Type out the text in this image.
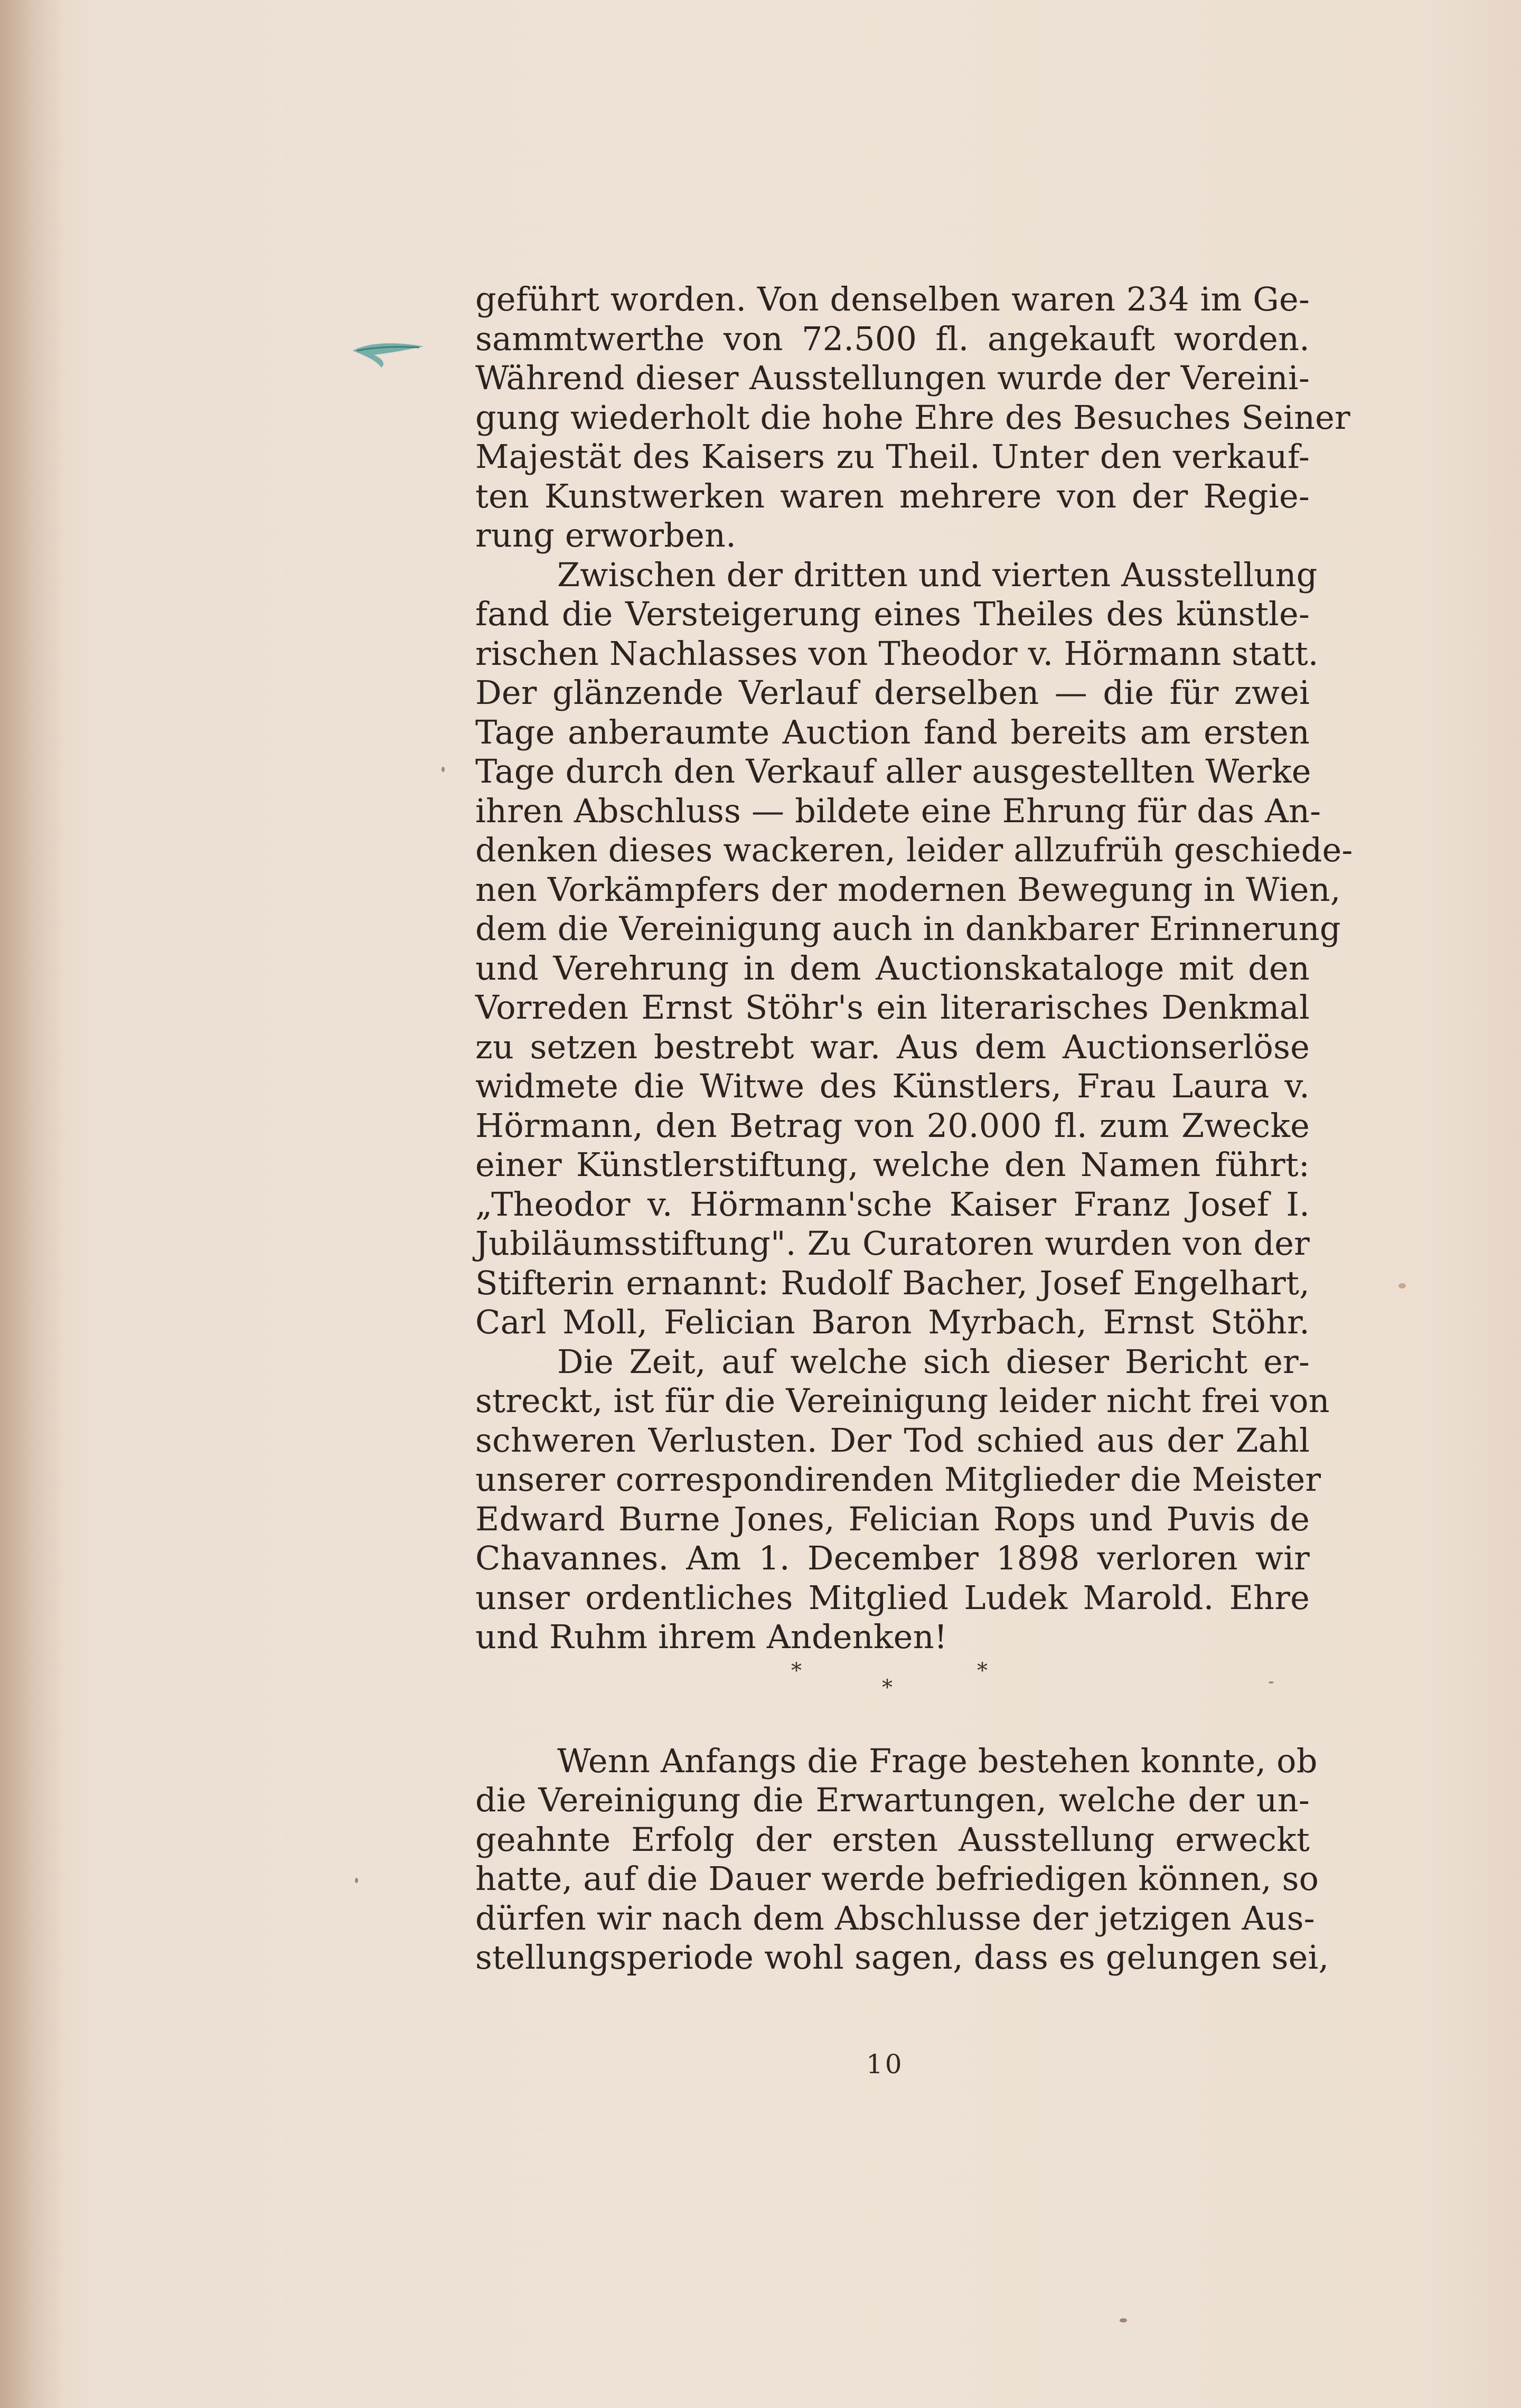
geführt worden. Von denselben waren 234 im Ge-
sammtwerthe von 72.500 fl. angekauft worden.
Während dieser Ausstellungen wurde der Vereini-
gung wiederholt die hohe Ehre des Besuches Seiner
Majestät des Kaisers zu Theil. Unter den verkauf-
ten Kunstwerken waren mehrere von der Regie-
rung erworben.
Zwischen der dritten und vierten Ausstellung
fand die Versteigerung eines Theiles des künstle-
rischen Nachlasses von Theodor v. Hörmann statt.
Der glänzende Verlauf derselben — die für zwei
Tage anberaumte Auction fand bereits am ersten
Tage durch den Verkauf aller ausgestellten Werke
ihren Abschluss — bildete eine Ehrung für das An-
denken dieses wackeren, leider allzufrüh geschiede-
nen Vorkämpfers der modernen Bewegung in Wien,
dem die Vereinigung auch in dankbarer Erinnerung
und Verehrung in dem Auctionskataloge mit den
Vorreden Ernst Stöhr's ein literarisches Denkmal
zu setzen bestrebt war. Aus dem Auctionserlöse
widmete die Witwe des Künstlers, Frau Laura v.
Hörmann, den Betrag von 20.000 fl. zum Zwecke
einer Künstlerstiftung, welche den Namen führt:
„Theodor v. Hörmann'sche Kaiser Franz Josef I.
Jubiläumsstiftung". Zu Curatoren wurden von der
Stifterin ernannt: Rudolf Bacher, Josef Engelhart,
Carl Moll, Felician Baron Myrbach, Ernst Stöhr.
Die Zeit, auf welche sich dieser Bericht er-
streckt, ist für die Vereinigung leider nicht frei von
schweren Verlusten. Der Tod schied aus der Zahl
unserer correspondirenden Mitglieder die Meister
Edward Burne Jones, Felician Rops und Puvis de
Chavannes. Am 1. December 1898 verloren wir
unser ordentliches Mitglied Ludek Marold. Ehre
und Ruhm ihrem Andenken!
*
*
*
Wenn Anfangs die Frage bestehen konnte, ob
die Vereinigung die Erwartungen, welche der un-
geahnte Erfolg der ersten Ausstellung erweckt
hatte, auf die Dauer werde befriedigen können, so
dürfen wir nach dem Abschlusse der jetzigen Aus-
stellungsperiode wohl sagen, dass es gelungen sei,
10
